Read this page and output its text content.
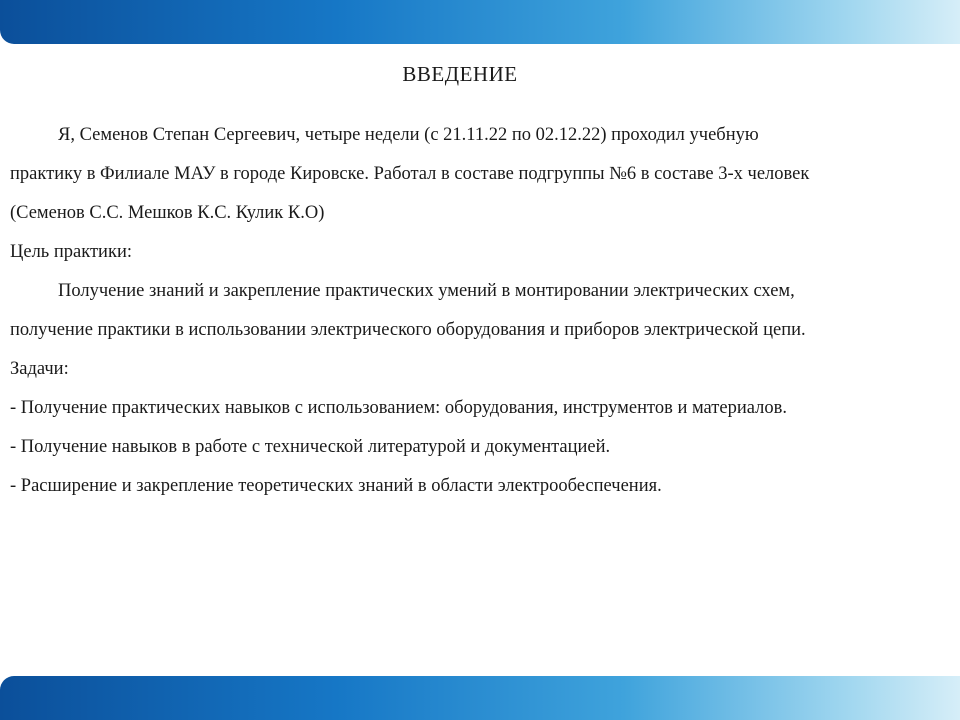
ВВЕДЕНИЕ

Я, Семенов Степан Сергеевич, четыре недели (с 21.11.22 по 02.12.22) проходил учебную

практику в Филиале МАУ в городе Кировске. Работал в составе подгруппы №6 в составе 3-х человек

(Семенов С.С. Мешков К.С. Кулик К.О)

Цель практики:

Получение знаний и закрепление практических умений в монтировании электрических схем,

получение практики в использовании электрического оборудования и приборов электрической цепи.

Задачи:

- Получение практических навыков с использованием: оборудования, инструментов и материалов.

- Получение навыков в работе с технической литературой и документацией.

- Расширение и закрепление теоретических знаний в области электрообеспечения.
